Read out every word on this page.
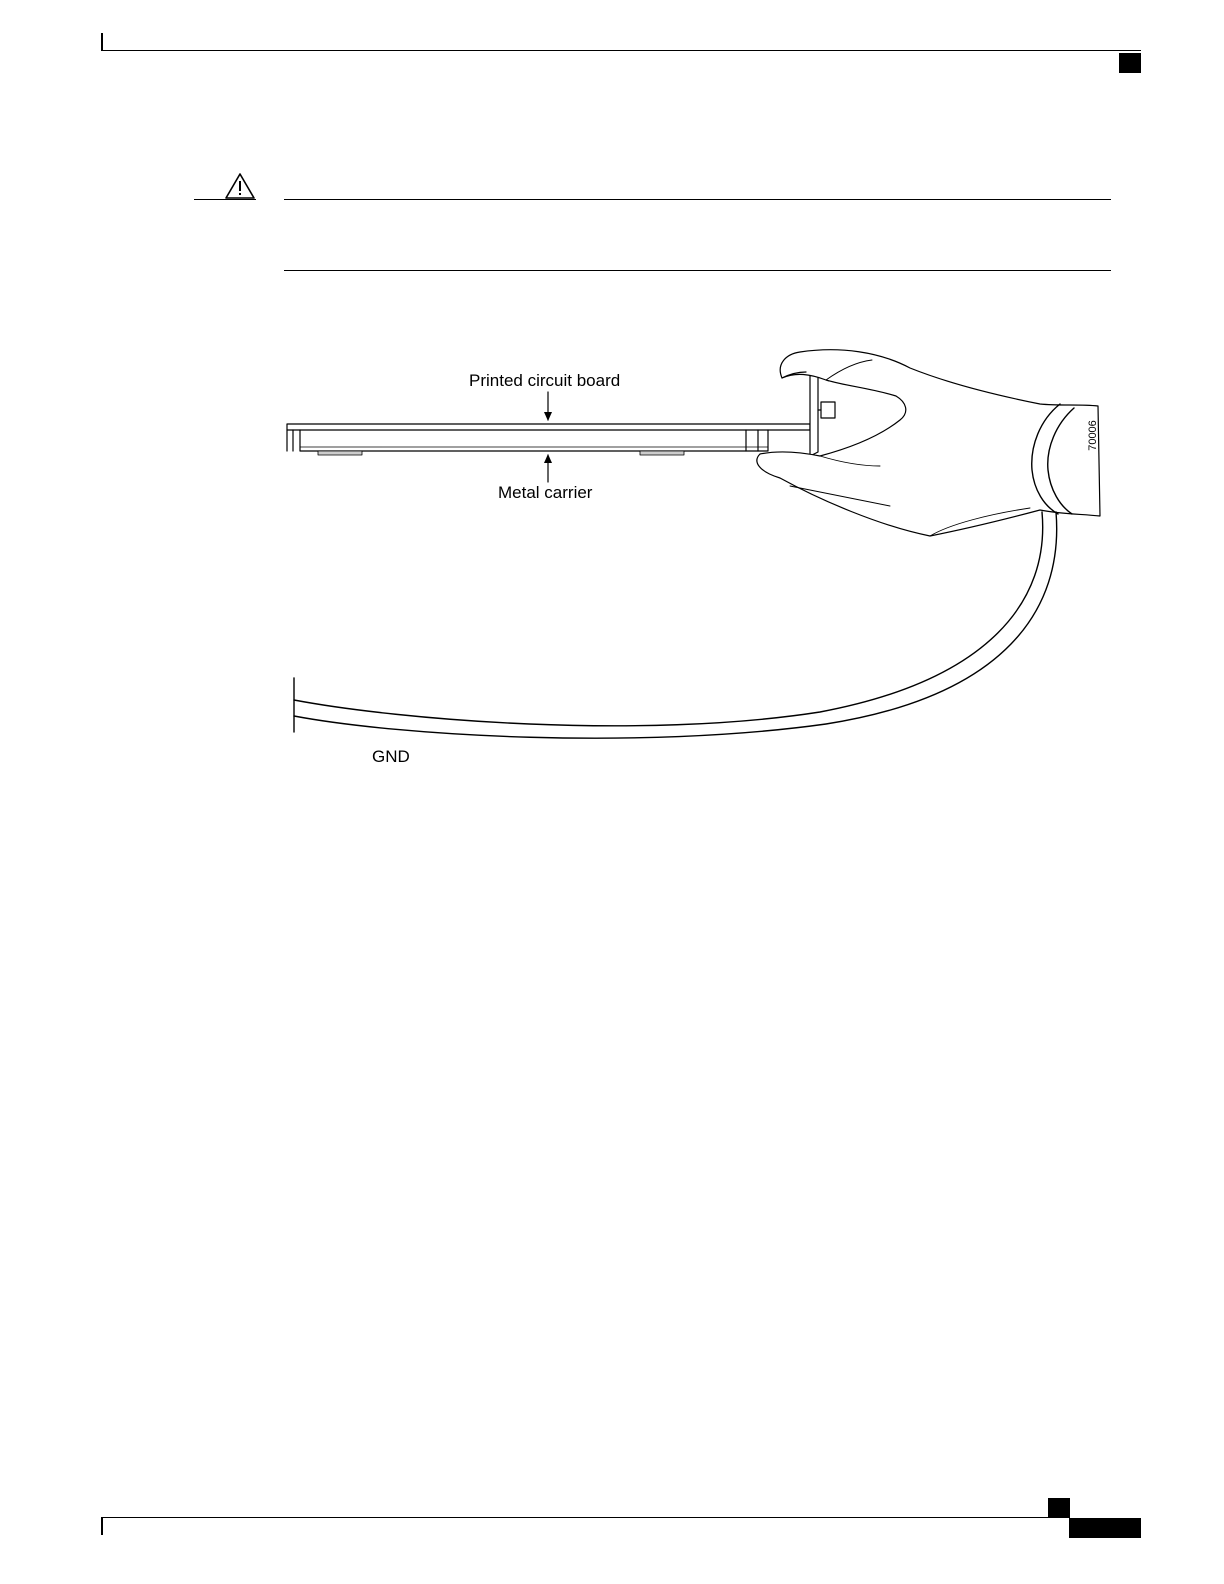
Printed circuit board
Metal carrier
GND
70006
